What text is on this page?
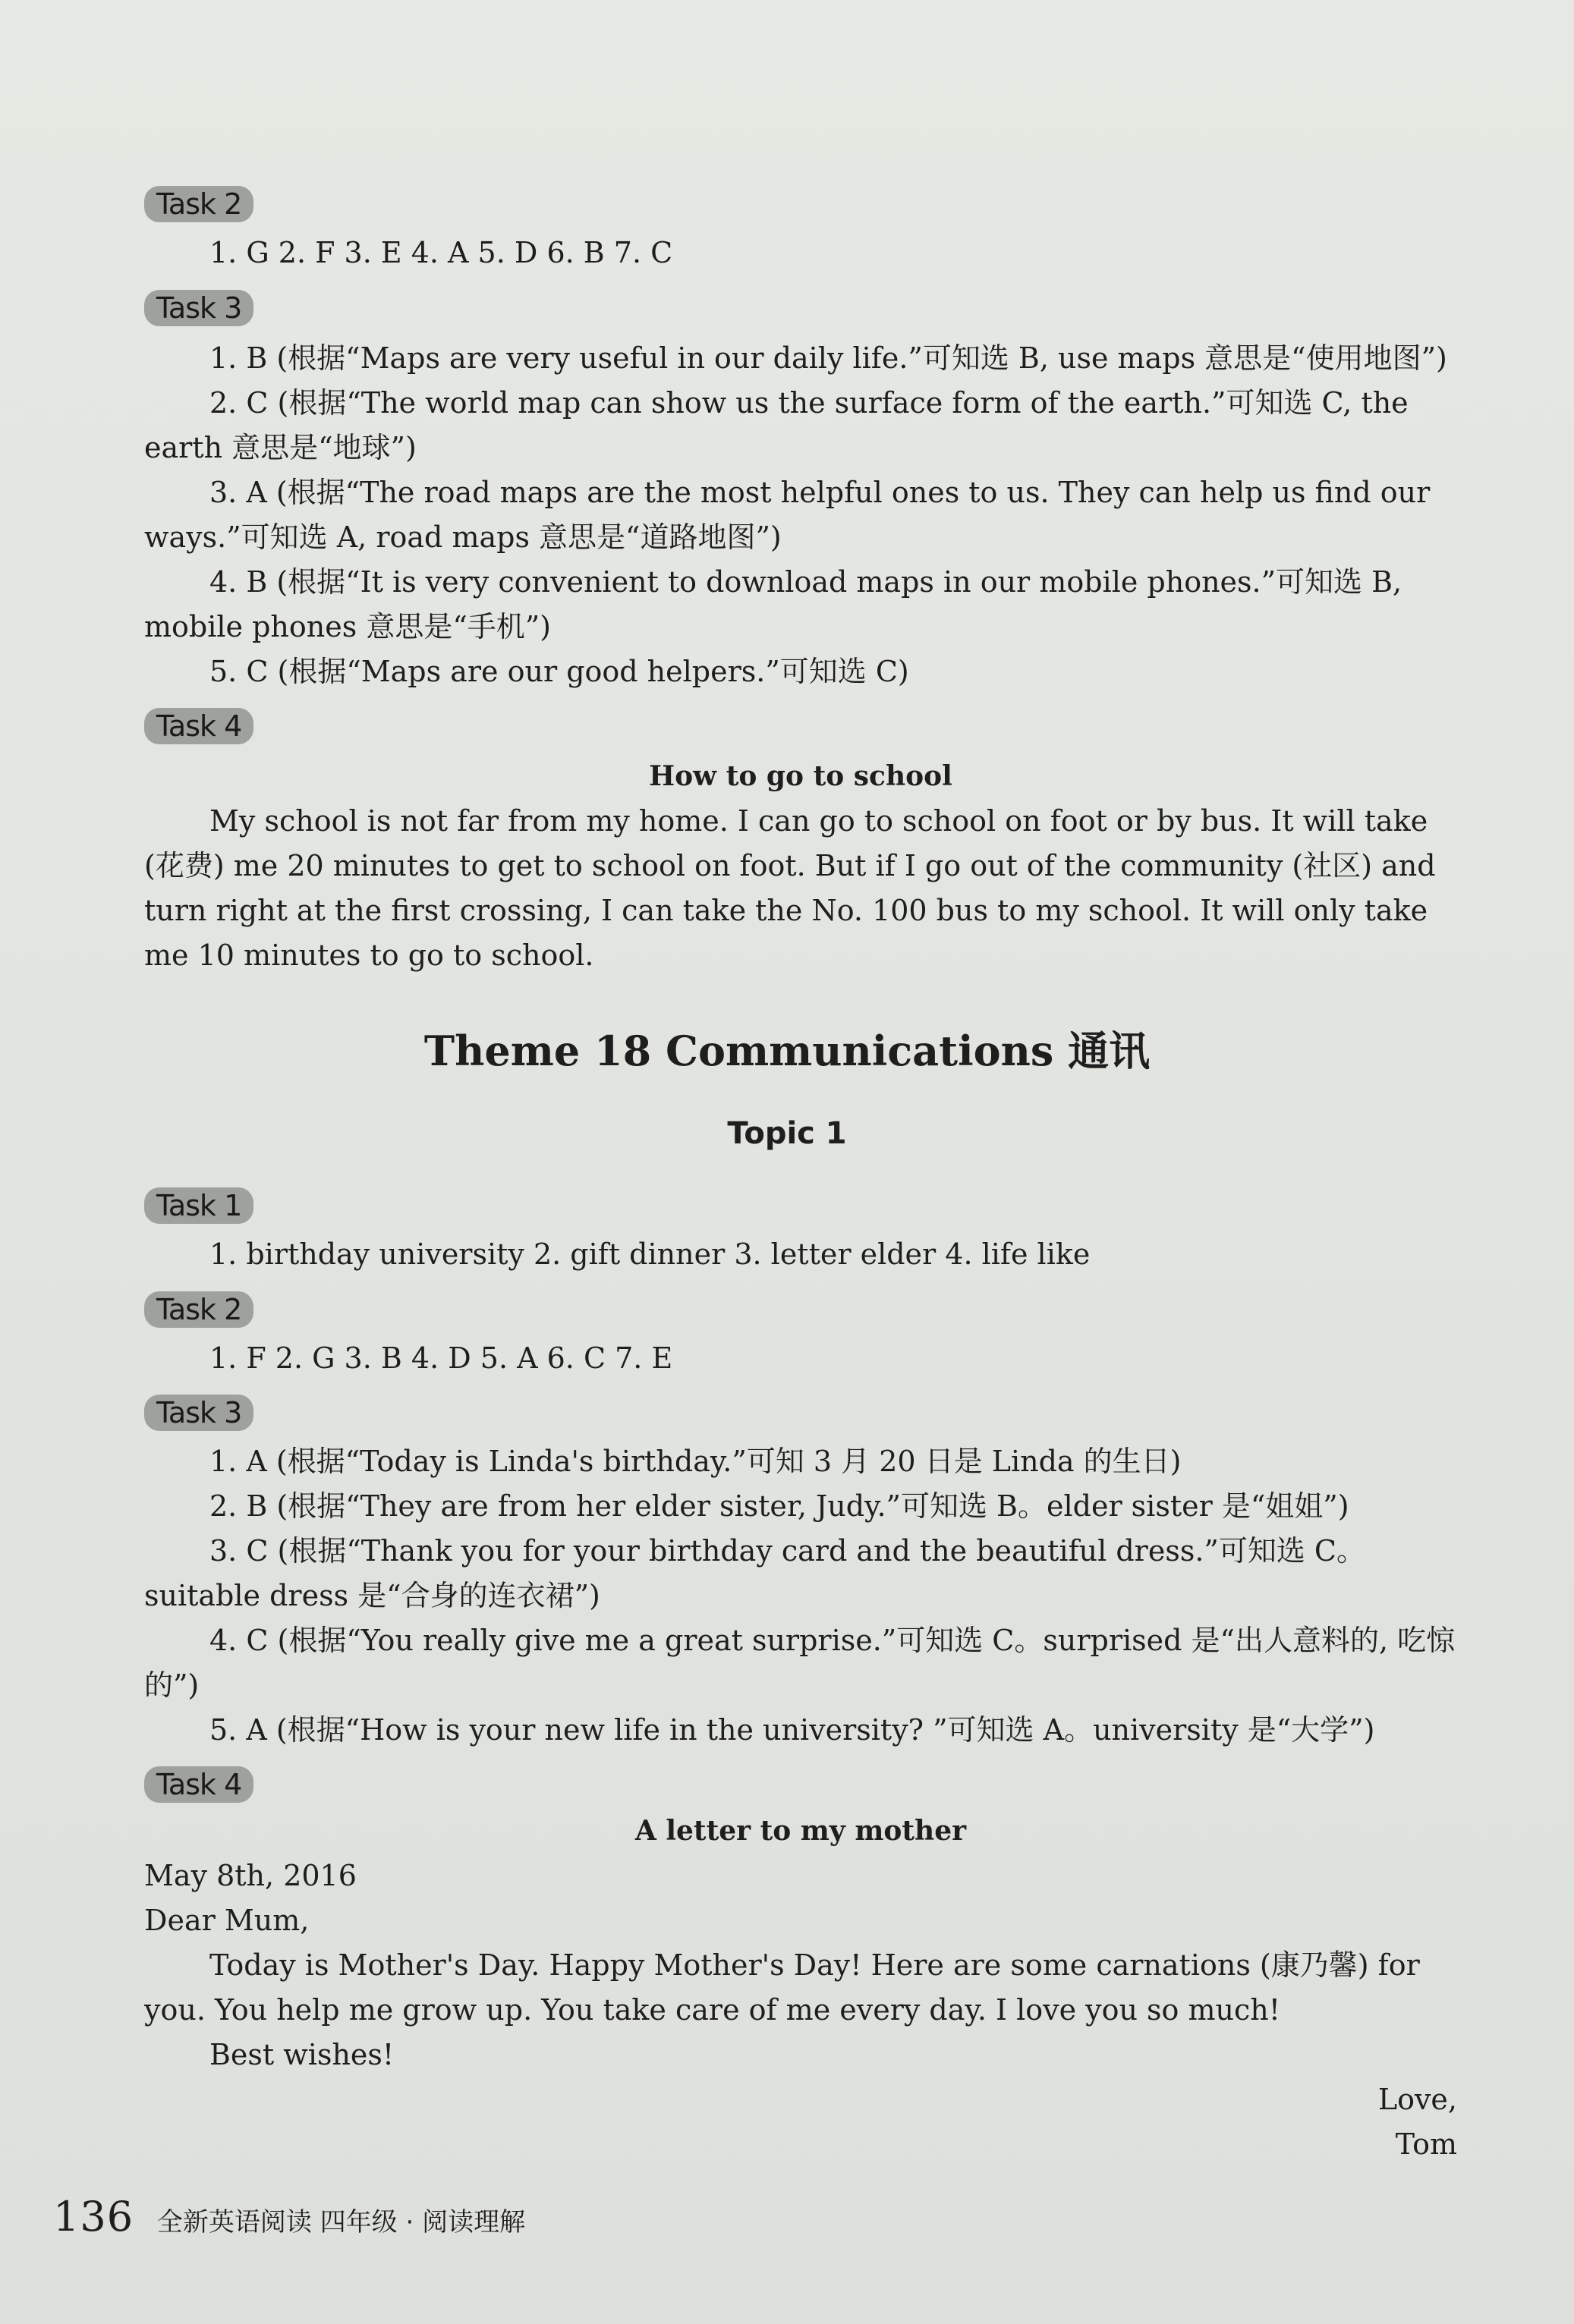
Task 2
1. G 2. F 3. E 4. A 5. D 6. B 7. C
Task 3
1. B (根据“Maps are very useful in our daily life.”可知选 B, use maps 意思是“使用地图”)
2. C (根据“The world map can show us the surface form of the earth.”可知选 C, the earth 意思是“地球”)
3. A (根据“The road maps are the most helpful ones to us. They can help us find our ways.”可知选 A, road maps 意思是“道路地图”)
4. B (根据“It is very convenient to download maps in our mobile phones.”可知选 B, mobile phones 意思是“手机”)
5. C (根据“Maps are our good helpers.”可知选 C)
Task 4
How to go to school
My school is not far from my home. I can go to school on foot or by bus. It will take (花费) me 20 minutes to get to school on foot. But if I go out of the community (社区) and turn right at the first crossing, I can take the No. 100 bus to my school. It will only take me 10 minutes to go to school.
Theme 18 Communications 通讯
Topic 1
Task 1
1. birthday university 2. gift dinner 3. letter elder 4. life like
Task 2
1. F 2. G 3. B 4. D 5. A 6. C 7. E
Task 3
1. A (根据“Today is Linda's birthday.”可知 3 月 20 日是 Linda 的生日)
2. B (根据“They are from her elder sister, Judy.”可知选 B。elder sister 是“姐姐”)
3. C (根据“Thank you for your birthday card and the beautiful dress.”可知选 C。suitable dress 是“合身的连衣裙”)
4. C (根据“You really give me a great surprise.”可知选 C。surprised 是“出人意料的, 吃惊的”)
5. A (根据“How is your new life in the university? ”可知选 A。university 是“大学”)
Task 4
A letter to my mother
May 8th, 2016
Dear Mum,
Today is Mother's Day. Happy Mother's Day! Here are some carnations (康乃馨) for you. You help me grow up. You take care of me every day. I love you so much!
Best wishes!
Love,
Tom
136 全新英语阅读 四年级 · 阅读理解
